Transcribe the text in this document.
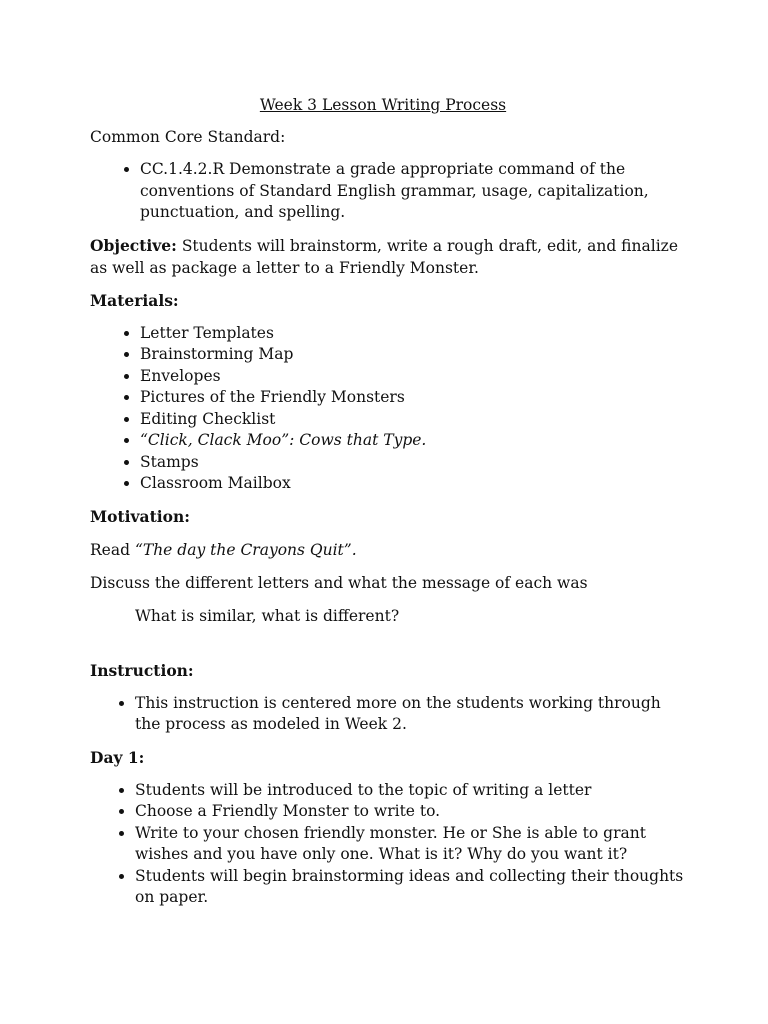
Week 3 Lesson Writing Process

Common Core Standard:

• CC.1.4.2.R Demonstrate a grade appropriate command of the conventions of Standard English grammar, usage, capitalization, punctuation, and spelling.

Objective: Students will brainstorm, write a rough draft, edit, and finalize as well as package a letter to a Friendly Monster.

Materials:

• Letter Templates
• Brainstorming Map
• Envelopes
• Pictures of the Friendly Monsters
• Editing Checklist
• “Click, Clack Moo”: Cows that Type.
• Stamps
• Classroom Mailbox

Motivation:

Read “The day the Crayons Quit”.

Discuss the different letters and what the message of each was

What is similar, what is different?

Instruction:

• This instruction is centered more on the students working through the process as modeled in Week 2.

Day 1:

• Students will be introduced to the topic of writing a letter
• Choose a Friendly Monster to write to.
• Write to your chosen friendly monster. He or She is able to grant wishes and you have only one. What is it? Why do you want it?
• Students will begin brainstorming ideas and collecting their thoughts on paper.
